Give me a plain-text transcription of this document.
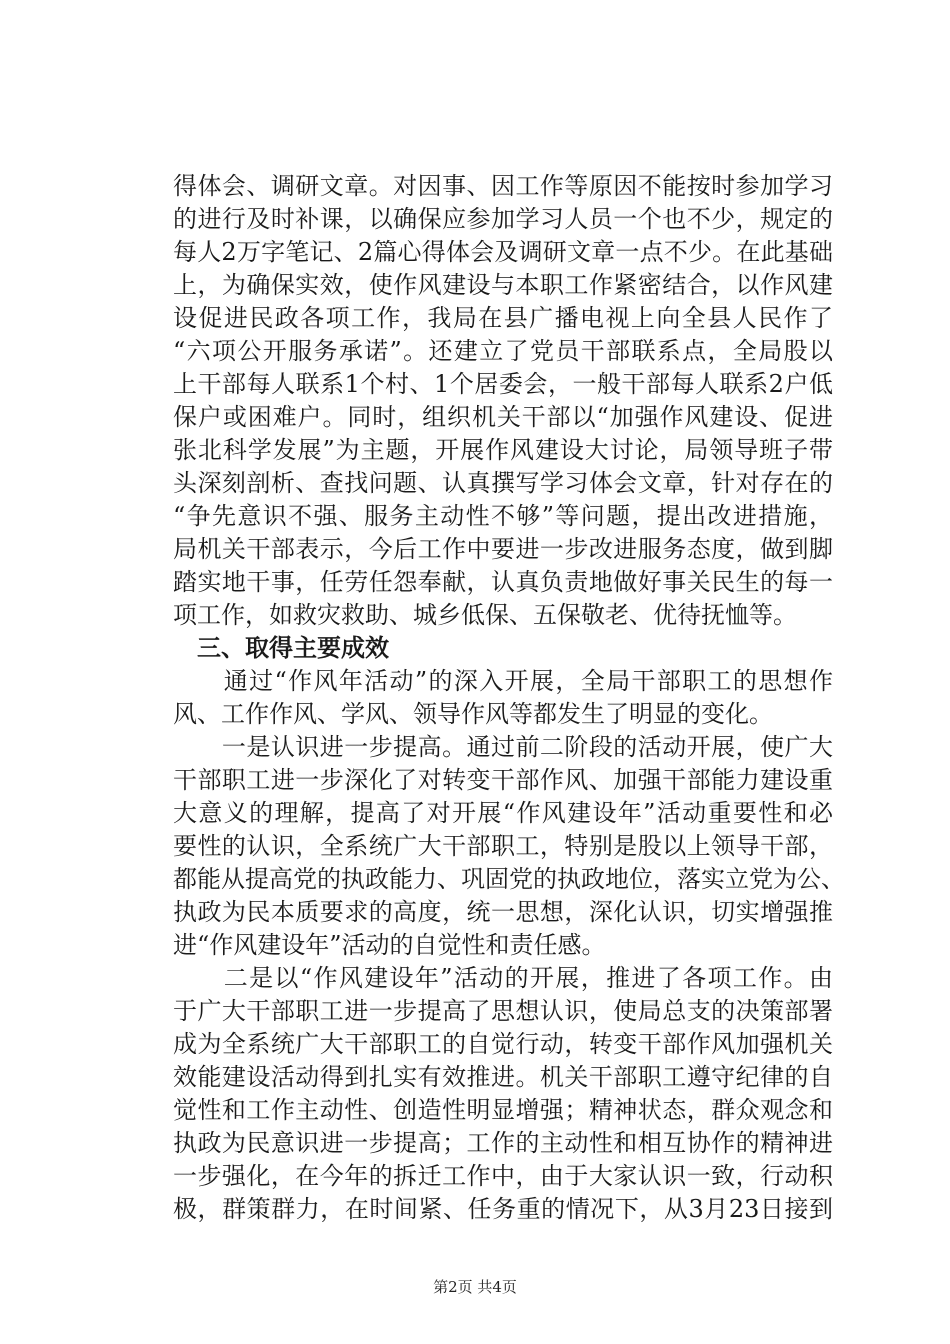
得体会、调研文章。对因事、因工作等原因不能按时参加学习
的进行及时补课，以确保应参加学习人员一个也不少，规定的
每人2万字笔记、2篇心得体会及调研文章一点不少。在此基础
上，为确保实效，使作风建设与本职工作紧密结合，以作风建
设促进民政各项工作，我局在县广播电视上向全县人民作了
“六项公开服务承诺”。还建立了党员干部联系点，全局股以
上干部每人联系1个村、1个居委会，一般干部每人联系2户低
保户或困难户。同时，组织机关干部以“加强作风建设、促进
张北科学发展”为主题，开展作风建设大讨论，局领导班子带
头深刻剖析、查找问题、认真撰写学习体会文章，针对存在的
“争先意识不强、服务主动性不够”等问题，提出改进措施，
局机关干部表示，今后工作中要进一步改进服务态度，做到脚
踏实地干事，任劳任怨奉献，认真负责地做好事关民生的每一
项工作，如救灾救助、城乡低保、五保敬老、优待抚恤等。
三、取得主要成效
　　通过“作风年活动”的深入开展，全局干部职工的思想作
风、工作作风、学风、领导作风等都发生了明显的变化。
　　一是认识进一步提高。通过前二阶段的活动开展，使广大
干部职工进一步深化了对转变干部作风、加强干部能力建设重
大意义的理解，提高了对开展“作风建设年”活动重要性和必
要性的认识，全系统广大干部职工，特别是股以上领导干部，
都能从提高党的执政能力、巩固党的执政地位，落实立党为公、
执政为民本质要求的高度，统一思想，深化认识，切实增强推
进“作风建设年”活动的自觉性和责任感。
　　二是以“作风建设年”活动的开展，推进了各项工作。由
于广大干部职工进一步提高了思想认识，使局总支的决策部署
成为全系统广大干部职工的自觉行动，转变干部作风加强机关
效能建设活动得到扎实有效推进。机关干部职工遵守纪律的自
觉性和工作主动性、创造性明显增强；精神状态，群众观念和
执政为民意识进一步提高；工作的主动性和相互协作的精神进
一步强化，在今年的拆迁工作中，由于大家认识一致，行动积
极，群策群力，在时间紧、任务重的情况下，从3月23日接到
第2页 共4页
